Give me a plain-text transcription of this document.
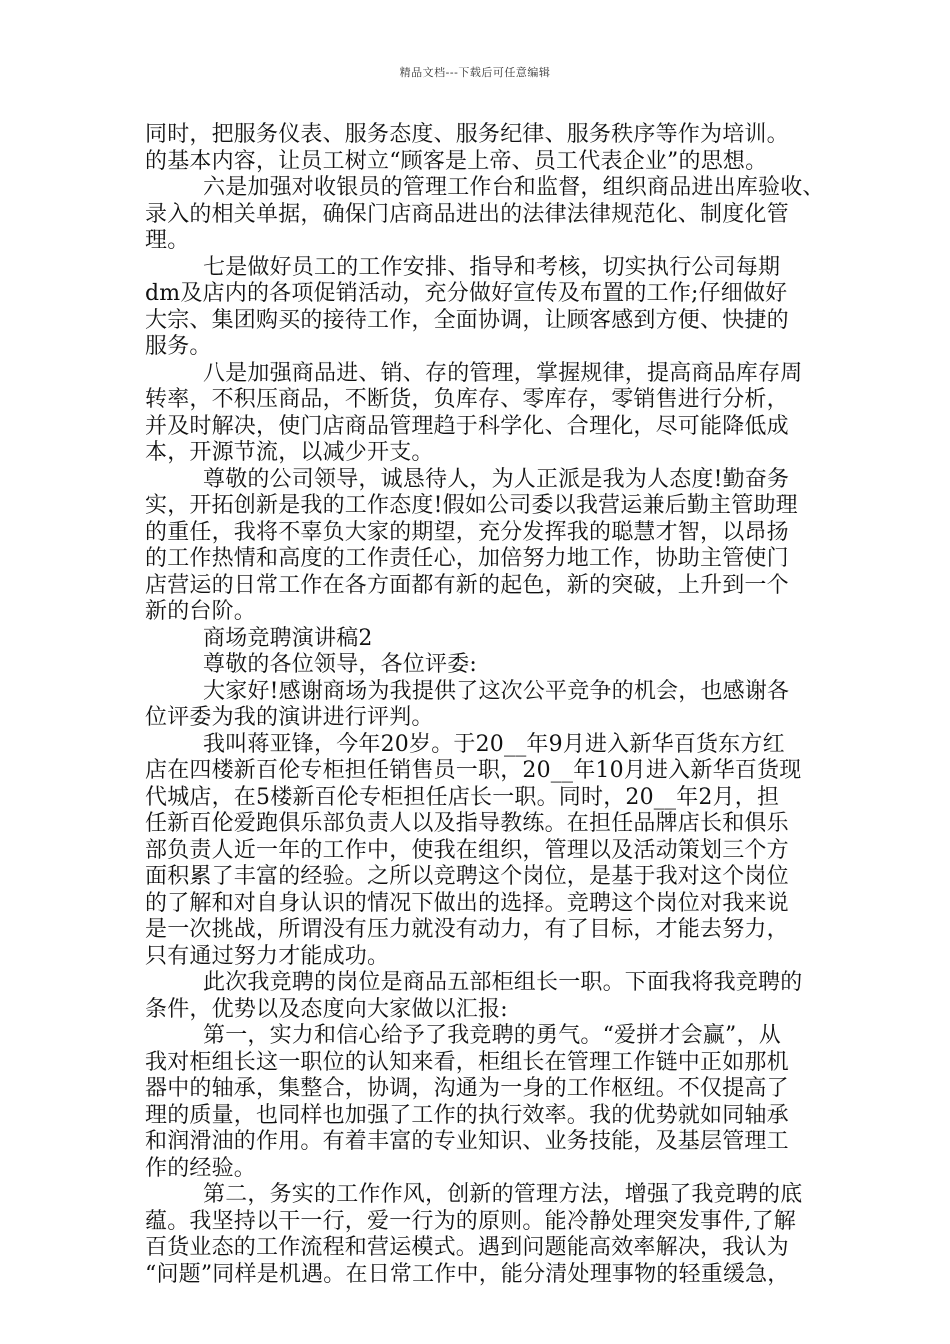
精品文档---下载后可任意编辑
同时，把服务仪表、服务态度、服务纪律、服务秩序等作为培训。
的基本内容，让员工树立“顾客是上帝、员工代表企业”的思想。
六是加强对收银员的管理工作台和监督，组织商品进出库验收、
录入的相关单据，确保门店商品进出的法律法律规范化、制度化管
理。
七是做好员工的工作安排、指导和考核，切实执行公司每期
dm及店内的各项促销活动，充分做好宣传及布置的工作;仔细做好
大宗、集团购买的接待工作，全面协调，让顾客感到方便、快捷的
服务。
八是加强商品进、销、存的管理，掌握规律，提高商品库存周
转率，不积压商品，不断货，负库存、零库存，零销售进行分析，
并及时解决，使门店商品管理趋于科学化、合理化，尽可能降低成
本，开源节流，以减少开支。
尊敬的公司领导，诚恳待人，为人正派是我为人态度!勤奋务
实，开拓创新是我的工作态度!假如公司委以我营运兼后勤主管助理
的重任，我将不辜负大家的期望，充分发挥我的聪慧才智，以昂扬
的工作热情和高度的工作责任心，加倍努力地工作，协助主管使门
店营运的日常工作在各方面都有新的起色，新的突破，上升到一个
新的台阶。
商场竞聘演讲稿2
尊敬的各位领导，各位评委:
大家好!感谢商场为我提供了这次公平竞争的机会，也感谢各
位评委为我的演讲进行评判。
我叫蒋亚锋，今年20岁。于20__年9月进入新华百货东方红
店在四楼新百伦专柜担任销售员一职，20__年10月进入新华百货现
代城店，在5楼新百伦专柜担任店长一职。同时，20__年2月，担
任新百伦爱跑俱乐部负责人以及指导教练。在担任品牌店长和俱乐
部负责人近一年的工作中，使我在组织，管理以及活动策划三个方
面积累了丰富的经验。之所以竞聘这个岗位，是基于我对这个岗位
的了解和对自身认识的情况下做出的选择。竞聘这个岗位对我来说
是一次挑战，所谓没有压力就没有动力，有了目标，才能去努力，
只有通过努力才能成功。
此次我竞聘的岗位是商品五部柜组长一职。下面我将我竞聘的
条件，优势以及态度向大家做以汇报:
第一，实力和信心给予了我竞聘的勇气。“爱拼才会赢”，从
我对柜组长这一职位的认知来看，柜组长在管理工作链中正如那机
器中的轴承，集整合，协调，沟通为一身的工作枢纽。不仅提高了
理的质量，也同样也加强了工作的执行效率。我的优势就如同轴承
和润滑油的作用。有着丰富的专业知识、业务技能，及基层管理工
作的经验。
第二，务实的工作作风，创新的管理方法，增强了我竞聘的底
蕴。我坚持以干一行，爱一行为的原则。能冷静处理突发事件,了解
百货业态的工作流程和营运模式。遇到问题能高效率解决，我认为
“问题”同样是机遇。在日常工作中，能分清处理事物的轻重缓急，
